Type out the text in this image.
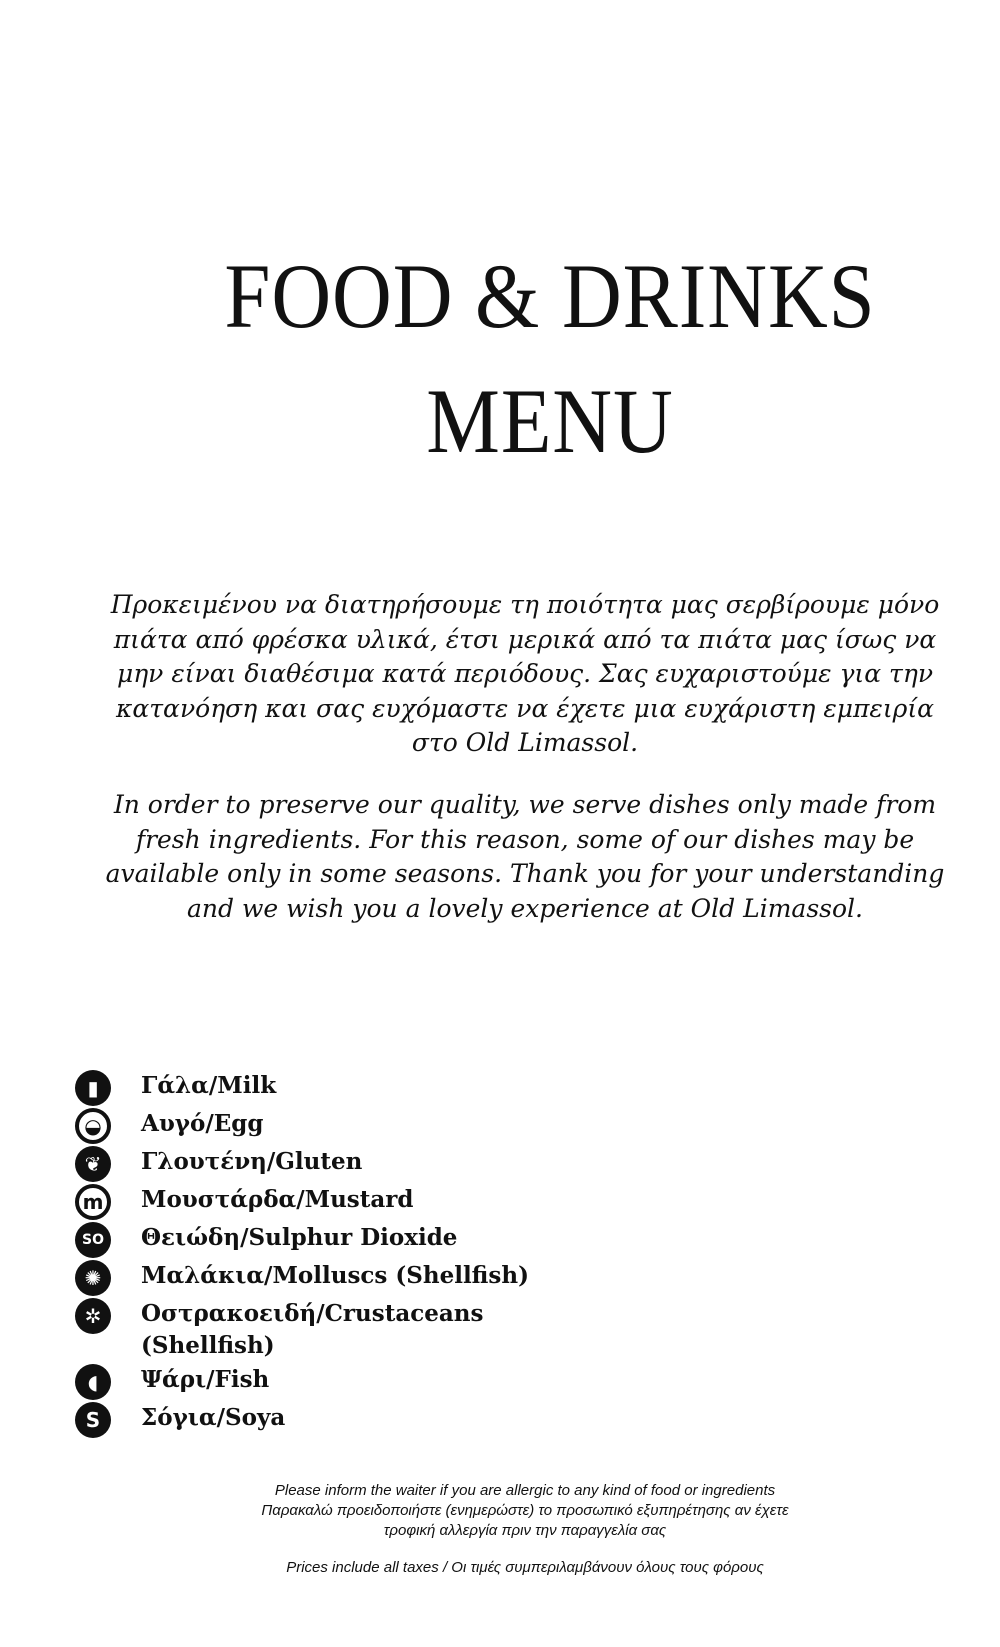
FOOD & DRINKS
MENU

Προκειμένου να διατηρήσουμε τη ποιότητα μας σερβίρουμε μόνο πιάτα από φρέσκα υλικά, έτσι μερικά από τα πιάτα μας ίσως να μην είναι διαθέσιμα κατά περιόδους. Σας ευχαριστούμε για την κατανόηση και σας ευχόμαστε να έχετε μια ευχάριστη εμπειρία στο Old Limassol.

In order to preserve our quality, we serve dishes only made from fresh ingredients. For this reason, some of our dishes may be available only in some seasons. Thank you for your understanding and we wish you a lovely experience at Old Limassol.

▮	Γάλα/Milk
◒	Αυγό/Egg
❦	Γλουτένη/Gluten
m	Μουστάρδα/Mustard
SO	Θειώδη/Sulphur Dioxide
✺	Μαλάκια/Molluscs (Shellfish)
✲	Οστρακοειδή/Crustaceans (Shellfish)
◖	Ψάρι/Fish
S	Σόγια/Soya

Please inform the waiter if you are allergic to any kind of food or ingredients

Παρακαλώ προειδοποιήστε (ενημερώστε) το προσωπικό εξυπηρέτησης αν έχετε

τροφική αλλεργία πριν την παραγγελία σας

Prices include all taxes / Οι τιμές συμπεριλαμβάνουν όλους τους φόρους
